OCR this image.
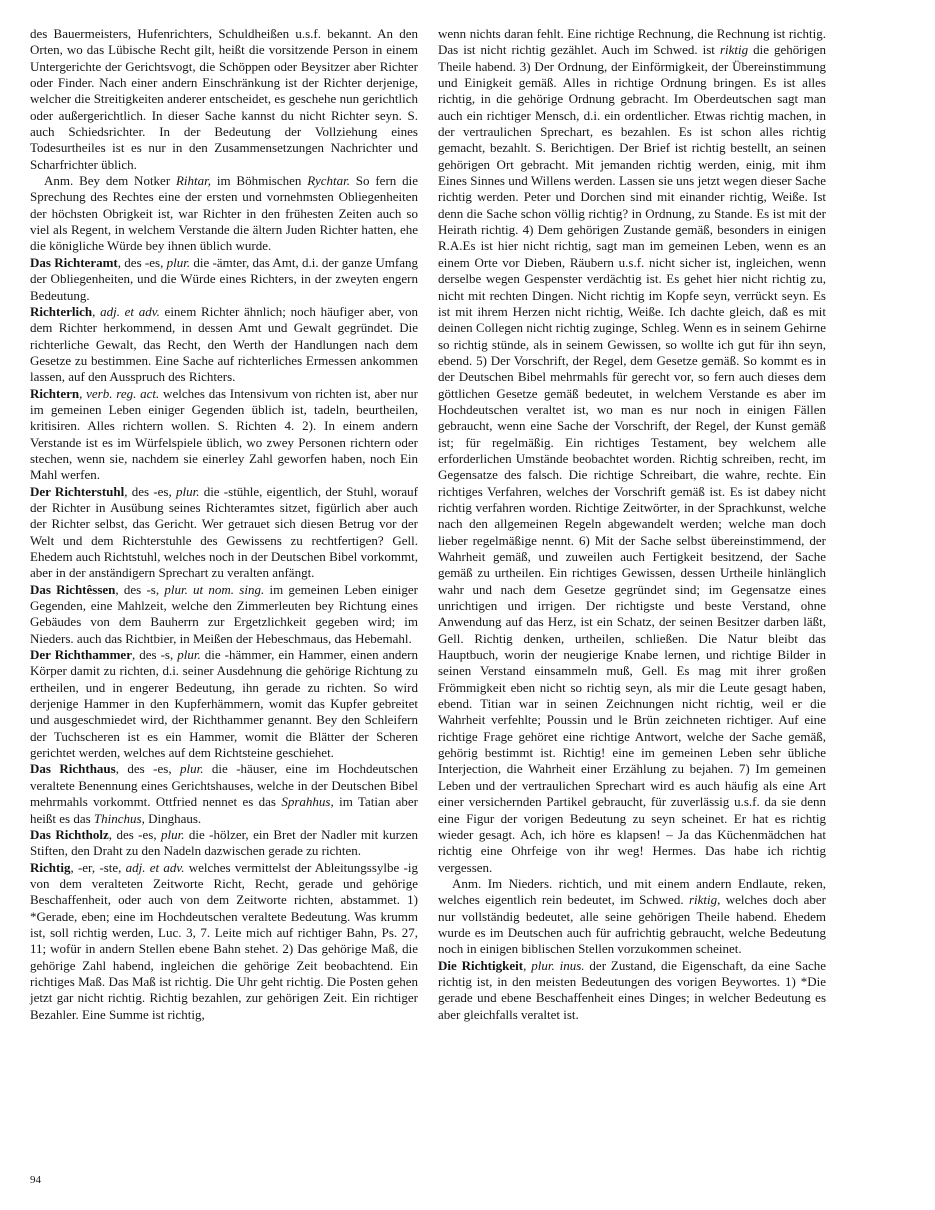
des Bauermeisters, Hufenrichters, Schuldheißen u.s.f. bekannt. An den Orten, wo das Lübische Recht gilt, heißt die vorsitzende Person in einem Untergerichte der Gerichtsvogt, die Schöppen oder Beysitzer aber Richter oder Finder. Nach einer andern Einschränkung ist der Richter derjenige, welcher die Streitigkeiten anderer entscheidet, es geschehe nun gerichtlich oder außergerichtlich. In dieser Sache kannst du nicht Richter seyn. S. auch Schiedsrichter. In der Bedeutung der Vollziehung eines Todesurtheiles ist es nur in den Zusammensetzungen Nachrichter und Scharfrichter üblich.

Anm. Bey dem Notker Rihtar, im Böhmischen Rychtar. So fern die Sprechung des Rechtes eine der ersten und vornehmsten Obliegenheiten der höchsten Obrigkeit ist, war Richter in den frühesten Zeiten auch so viel als Regent, in welchem Verstande die ältern Juden Richter hatten, ehe die königliche Würde bey ihnen üblich wurde.

Das Richteramt, des -es, plur. die -ämter, das Amt, d.i. der ganze Umfang der Obliegenheiten, und die Würde eines Richters, in der zweyten engern Bedeutung.

Richterlich, adj. et adv. einem Richter ähnlich; noch häufiger aber, von dem Richter herkommend, in dessen Amt und Gewalt gegründet. Die richterliche Gewalt, das Recht, den Werth der Handlungen nach dem Gesetze zu bestimmen. Eine Sache auf richterliches Ermessen ankommen lassen, auf den Ausspruch des Richters.

Richtern, verb. reg. act. welches das Intensivum von richten ist, aber nur im gemeinen Leben einiger Gegenden üblich ist, tadeln, beurtheilen, kritisiren. Alles richtern wollen. S. Richten 4. 2). In einem andern Verstande ist es im Würfelspiele üblich, wo zwey Personen richtern oder stechen, wenn sie, nachdem sie einerley Zahl geworfen haben, noch Ein Mahl werfen.

Der Richterstuhl, des -es, plur. die -stühle, eigentlich, der Stuhl, worauf der Richter in Ausübung seines Richteramtes sitzet, figürlich aber auch der Richter selbst, das Gericht. Wer getrauet sich diesen Betrug vor der Welt und dem Richterstuhle des Gewissens zu rechtfertigen? Gell. Ehedem auch Richtstuhl, welches noch in der Deutschen Bibel vorkommt, aber in der anständigern Sprechart zu veralten anfängt.

Das Richtêssen, des -s, plur. ut nom. sing. im gemeinen Leben einiger Gegenden, eine Mahlzeit, welche den Zimmerleuten bey Richtung eines Gebäudes von dem Bauherrn zur Ergetzlichkeit gegeben wird; im Nieders. auch das Richtbier, in Meißen der Hebeschmaus, das Hebemahl.

Der Richthammer, des -s, plur. die -hämmer, ein Hammer, einen andern Körper damit zu richten, d.i. seiner Ausdehnung die gehörige Richtung zu ertheilen, und in engerer Bedeutung, ihn gerade zu richten. So wird derjenige Hammer in den Kupferhämmern, womit das Kupfer gebreitet und ausgeschmiedet wird, der Richthammer genannt. Bey den Schleifern der Tuchscheren ist es ein Hammer, womit die Blätter der Scheren gerichtet werden, welches auf dem Richtsteine geschiehet.

Das Richthaus, des -es, plur. die -häuser, eine im Hochdeutschen veraltete Benennung eines Gerichtshauses, welche in der Deutschen Bibel mehrmahls vorkommt. Ottfried nennet es das Sprahhus, im Tatian aber heißt es das Thinchus, Dinghaus.

Das Richtholz, des -es, plur. die -hölzer, ein Bret der Nadler mit kurzen Stiften, den Draht zu den Nadeln dazwischen gerade zu richten.

Richtig, -er, -ste, adj. et adv. welches vermittelst der Ableitungssylbe -ig von dem veralteten Zeitworte Richt, Recht, gerade und gehörige Beschaffenheit, oder auch von dem Zeitworte richten, abstammet. 1) *Gerade, eben; eine im Hochdeutschen veraltete Bedeutung. Was krumm ist, soll richtig werden, Luc. 3, 7. Leite mich auf richtiger Bahn, Ps. 27, 11; wofür in andern Stellen ebene Bahn stehet. 2) Das gehörige Maß, die gehörige Zahl habend, ingleichen die gehörige Zeit beobachtend. Ein richtiges Maß. Das Maß ist richtig. Die Uhr geht richtig. Die Posten gehen jetzt gar nicht richtig. Richtig bezahlen, zur gehörigen Zeit. Ein richtiger Bezahler. Eine Summe ist richtig,

wenn nichts daran fehlt. Eine richtige Rechnung, die Rechnung ist richtig. Das ist nicht richtig gezählet. Auch im Schwed. ist riktig die gehörigen Theile habend. 3) Der Ordnung, der Einförmigkeit, der Übereinstimmung und Einigkeit gemäß. Alles in richtige Ordnung bringen. Es ist alles richtig, in die gehörige Ordnung gebracht. Im Oberdeutschen sagt man auch ein richtiger Mensch, d.i. ein ordentlicher. Etwas richtig machen, in der vertraulichen Sprechart, es bezahlen. Es ist schon alles richtig gemacht, bezahlt. S. Berichtigen. Der Brief ist richtig bestellt, an seinen gehörigen Ort gebracht. Mit jemanden richtig werden, einig, mit ihm Eines Sinnes und Willens werden. Lassen sie uns jetzt wegen dieser Sache richtig werden. Peter und Dorchen sind mit einander richtig, Weiße. Ist denn die Sache schon völlig richtig? in Ordnung, zu Stande. Es ist mit der Heirath richtig. 4) Dem gehörigen Zustande gemäß, besonders in einigen R.A.Es ist hier nicht richtig, sagt man im gemeinen Leben, wenn es an einem Orte vor Dieben, Räubern u.s.f. nicht sicher ist, ingleichen, wenn derselbe wegen Gespenster verdächtig ist. Es gehet hier nicht richtig zu, nicht mit rechten Dingen. Nicht richtig im Kopfe seyn, verrückt seyn. Es ist mit ihrem Herzen nicht richtig, Weiße. Ich dachte gleich, daß es mit deinen Collegen nicht richtig zuginge, Schleg. Wenn es in seinem Gehirne so richtig stünde, als in seinem Gewissen, so wollte ich gut für ihn seyn, ebend. 5) Der Vorschrift, der Regel, dem Gesetze gemäß. So kommt es in der Deutschen Bibel mehrmahls für gerecht vor, so fern auch dieses dem göttlichen Gesetze gemäß bedeutet, in welchem Verstande es aber im Hochdeutschen veraltet ist, wo man es nur noch in einigen Fällen gebraucht, wenn eine Sache der Vorschrift, der Regel, der Kunst gemäß ist; für regelmäßig. Ein richtiges Testament, bey welchem alle erforderlichen Umstände beobachtet worden. Richtig schreiben, recht, im Gegensatze des falsch. Die richtige Schreibart, die wahre, rechte. Ein richtiges Verfahren, welches der Vorschrift gemäß ist. Es ist dabey nicht richtig verfahren worden. Richtige Zeitwörter, in der Sprachkunst, welche nach den allgemeinen Regeln abgewandelt werden; welche man doch lieber regelmäßige nennt. 6) Mit der Sache selbst übereinstimmend, der Wahrheit gemäß, und zuweilen auch Fertigkeit besitzend, der Sache gemäß zu urtheilen. Ein richtiges Gewissen, dessen Urtheile hinlänglich wahr und nach dem Gesetze gegründet sind; im Gegensatze eines unrichtigen und irrigen. Der richtigste und beste Verstand, ohne Anwendung auf das Herz, ist ein Schatz, der seinen Besitzer darben läßt, Gell. Richtig denken, urtheilen, schließen. Die Natur bleibt das Hauptbuch, worin der neugierige Knabe lernen, und richtige Bilder in seinen Verstand einsammeln muß, Gell. Es mag mit ihrer großen Frömmigkeit eben nicht so richtig seyn, als mir die Leute gesagt haben, ebend. Titian war in seinen Zeichnungen nicht richtig, weil er die Wahrheit verfehlte; Poussin und le Brün zeichneten richtiger. Auf eine richtige Frage gehöret eine richtige Antwort, welche der Sache gemäß, gehörig bestimmt ist. Richtig! eine im gemeinen Leben sehr übliche Interjection, die Wahrheit einer Erzählung zu bejahen. 7) Im gemeinen Leben und der vertraulichen Sprechart wird es auch häufig als eine Art einer versichernden Partikel gebraucht, für zuverlässig u.s.f. da sie denn eine Figur der vorigen Bedeutung zu seyn scheinet. Er hat es richtig wieder gesagt. Ach, ich höre es klapsen! – Ja das Küchenmädchen hat richtig eine Ohrfeige von ihr weg! Hermes. Das habe ich richtig vergessen.

Anm. Im Nieders. richtich, und mit einem andern Endlaute, reken, welches eigentlich rein bedeutet, im Schwed. riktig, welches doch aber nur vollständig bedeutet, alle seine gehörigen Theile habend. Ehedem wurde es im Deutschen auch für aufrichtig gebraucht, welche Bedeutung noch in einigen biblischen Stellen vorzukommen scheinet.

Die Richtigkeit, plur. inus. der Zustand, die Eigenschaft, da eine Sache richtig ist, in den meisten Bedeutungen des vorigen Beywortes. 1) *Die gerade und ebene Beschaffenheit eines Dinges; in welcher Bedeutung es aber gleichfalls veraltet ist.

94
